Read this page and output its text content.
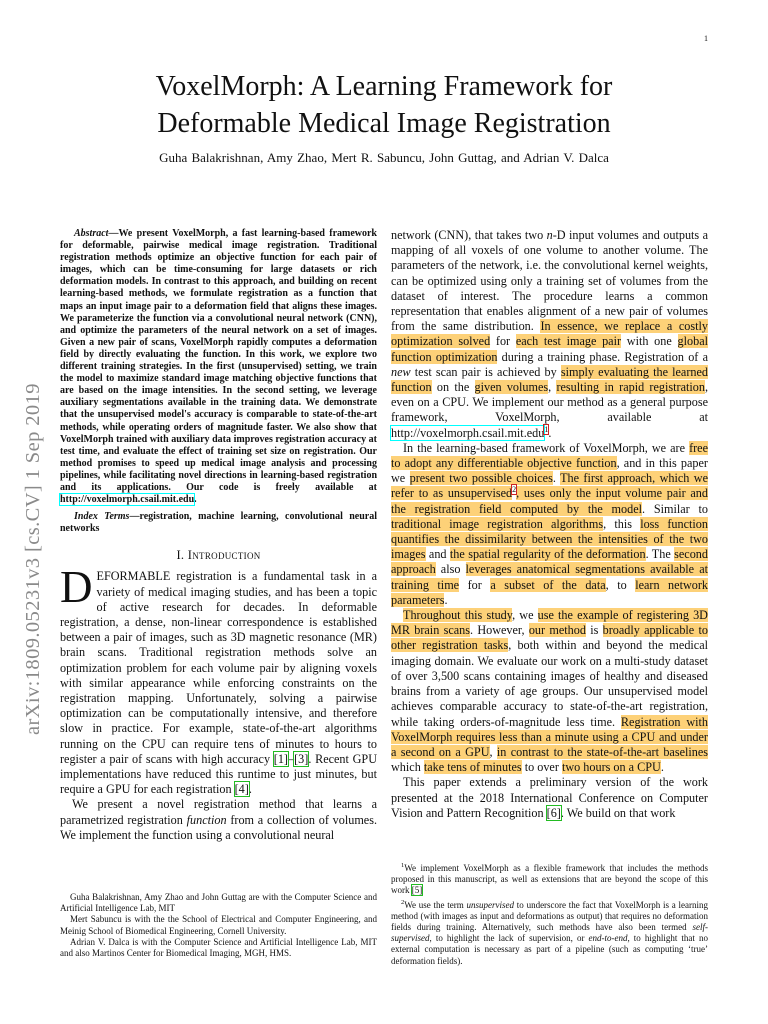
1
arXiv:1809.05231v3 [cs.CV] 1 Sep 2019
VoxelMorph: A Learning Framework for
Deformable Medical Image Registration
Guha Balakrishnan, Amy Zhao, Mert R. Sabuncu, John Guttag, and Adrian V. Dalca
Abstract—We present VoxelMorph, a fast learning-based framework for deformable, pairwise medical image registration. Traditional registration methods optimize an objective function for each pair of images, which can be time-consuming for large datasets or rich deformation models. In contrast to this approach, and building on recent learning-based methods, we formulate registration as a function that maps an input image pair to a deformation field that aligns these images. We parameterize the function via a convolutional neural network (CNN), and optimize the parameters of the neural network on a set of images. Given a new pair of scans, VoxelMorph rapidly computes a deformation field by directly evaluating the function. In this work, we explore two different training strategies. In the first (unsupervised) setting, we train the model to maximize standard image matching objective functions that are based on the image intensities. In the second setting, we leverage auxiliary segmentations available in the training data. We demonstrate that the unsupervised model's accuracy is comparable to state-of-the-art methods, while operating orders of magnitude faster. We also show that VoxelMorph trained with auxiliary data improves registration accuracy at test time, and evaluate the effect of training set size on registration. Our method promises to speed up medical image analysis and processing pipelines, while facilitating novel directions in learning-based registration and its applications. Our code is freely available at http://voxelmorph.csail.mit.edu.
Index Terms—registration, machine learning, convolutional neural networks
I. Introduction

DEFORMABLE registration is a fundamental task in a variety of medical imaging studies, and has been a topic of active research for decades. In deformable registration, a dense, non-linear correspondence is established between a pair of images, such as 3D magnetic resonance (MR) brain scans. Traditional registration methods solve an optimization problem for each volume pair by aligning voxels with similar appearance while enforcing constraints on the registration mapping. Unfortunately, solving a pairwise optimization can be computationally intensive, and therefore slow in practice. For example, state-of-the-art algorithms running on the CPU can require tens of minutes to hours to register a pair of scans with high accuracy [1]–[3]. Recent GPU implementations have reduced this runtime to just minutes, but require a GPU for each registration [4].

We present a novel registration method that learns a parametrized registration function from a collection of volumes. We implement the function using a convolutional neural

Guha Balakrishnan, Amy Zhao and John Guttag are with the Computer Science and Artificial Intelligence Lab, MIT

Mert Sabuncu is with the the School of Electrical and Computer Engineering, and Meinig School of Biomedical Engineering, Cornell University.

Adrian V. Dalca is with the Computer Science and Artificial Intelligence Lab, MIT and also Martinos Center for Biomedical Imaging, MGH, HMS.

network (CNN), that takes two n-D input volumes and outputs a mapping of all voxels of one volume to another volume. The parameters of the network, i.e. the convolutional kernel weights, can be optimized using only a training set of volumes from the dataset of interest. The procedure learns a common representation that enables alignment of a new pair of volumes from the same distribution. In essence, we replace a costly optimization solved for each test image pair with one global function optimization during a training phase. Registration of a new test scan pair is achieved by simply evaluating the learned function on the given volumes, resulting in rapid registration, even on a CPU. We implement our method as a general purpose framework, VoxelMorph, available at http://voxelmorph.csail.mit.edu$^1$.

In the learning-based framework of VoxelMorph, we are free to adopt any differentiable objective function, and in this paper we present two possible choices. The first approach, which we refer to as unsupervised$^2$, uses only the input volume pair and the registration field computed by the model. Similar to traditional image registration algorithms, this loss function quantifies the dissimilarity between the intensities of the two images and the spatial regularity of the deformation. The second approach also leverages anatomical segmentations available at training time for a subset of the data, to learn network parameters.

Throughout this study, we use the example of registering 3D MR brain scans. However, our method is broadly applicable to other registration tasks, both within and beyond the medical imaging domain. We evaluate our work on a multi-study dataset of over 3,500 scans containing images of healthy and diseased brains from a variety of age groups. Our unsupervised model achieves comparable accuracy to state-of-the-art registration, while taking orders-of-magnitude less time. Registration with VoxelMorph requires less than a minute using a CPU and under a second on a GPU, in contrast to the state-of-the-art baselines which take tens of minutes to over two hours on a CPU.

This paper extends a preliminary version of the work presented at the 2018 International Conference on Computer Vision and Pattern Recognition [6]. We build on that work

$^1$We implement VoxelMorph as a flexible framework that includes the methods proposed in this manuscript, as well as extensions that are beyond the scope of this work [5]

$^2$We use the term unsupervised to underscore the fact that VoxelMorph is a learning method (with images as input and deformations as output) that requires no deformation fields during training. Alternatively, such methods have also been termed self-supervised, to highlight the lack of supervision, or end-to-end, to highlight that no external computation is necessary as part of a pipeline (such as computing ‘true’ deformation fields).
